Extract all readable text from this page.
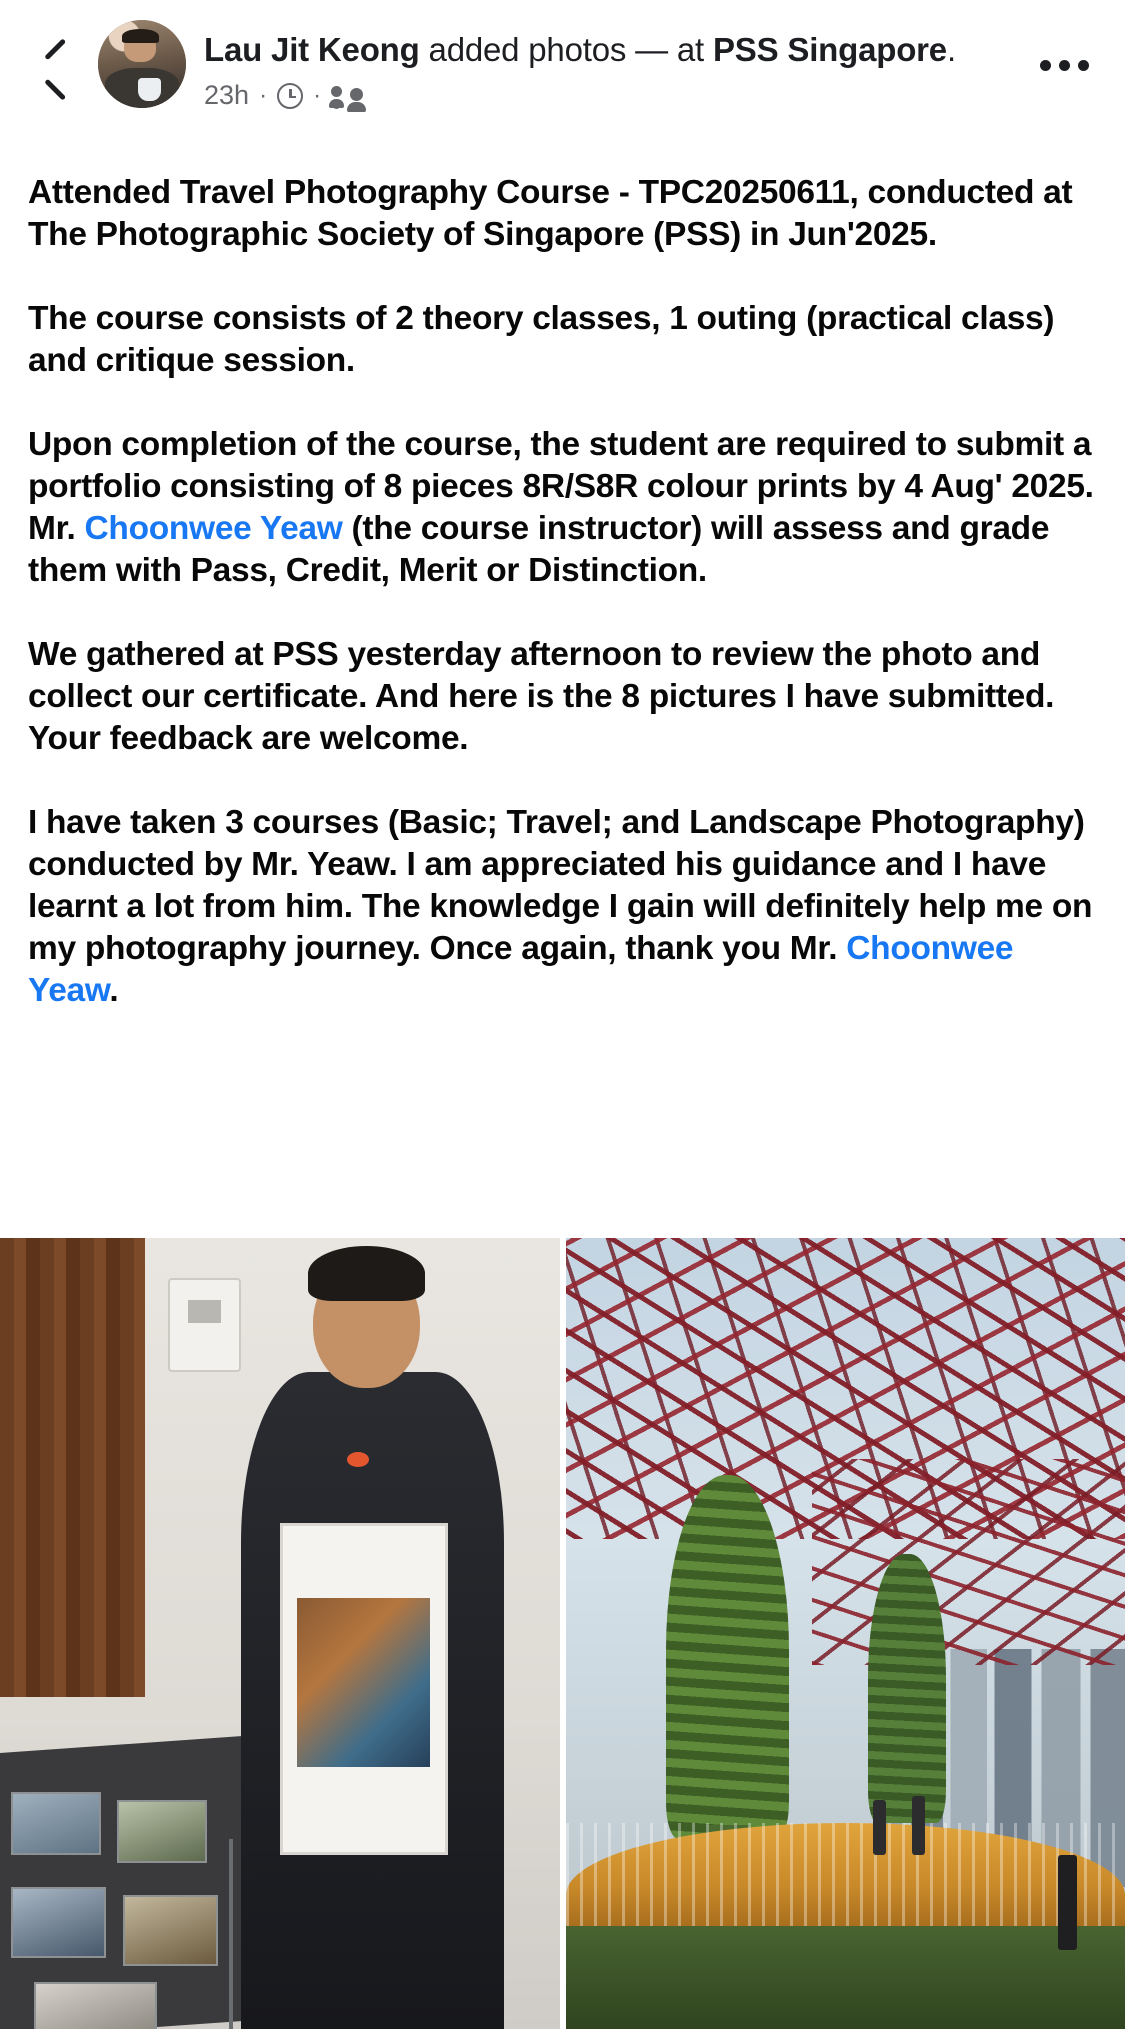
Lau Jit Keong added photos — at PSS Singapore.
23h · ·
Attended Travel Photography Course - TPC20250611, conducted at The Photographic Society of Singapore (PSS) in Jun'2025.

The course consists of 2 theory classes, 1 outing (practical class) and critique session.

Upon completion of the course, the student are required to submit a portfolio consisting of 8 pieces 8R/S8R colour prints by 4 Aug' 2025. Mr. Choonwee Yeaw (the course instructor) will assess and grade them with Pass, Credit, Merit or Distinction.

We gathered at PSS yesterday afternoon to review the photo and collect our certificate. And here is the 8 pictures I have submitted. Your feedback are welcome.

I have taken 3 courses (Basic; Travel; and Landscape Photography) conducted by Mr. Yeaw. I am appreciated his guidance and I have learnt a lot from him. The knowledge I gain will definitely help me on my photography journey. Once again, thank you Mr. Choonwee Yeaw.
